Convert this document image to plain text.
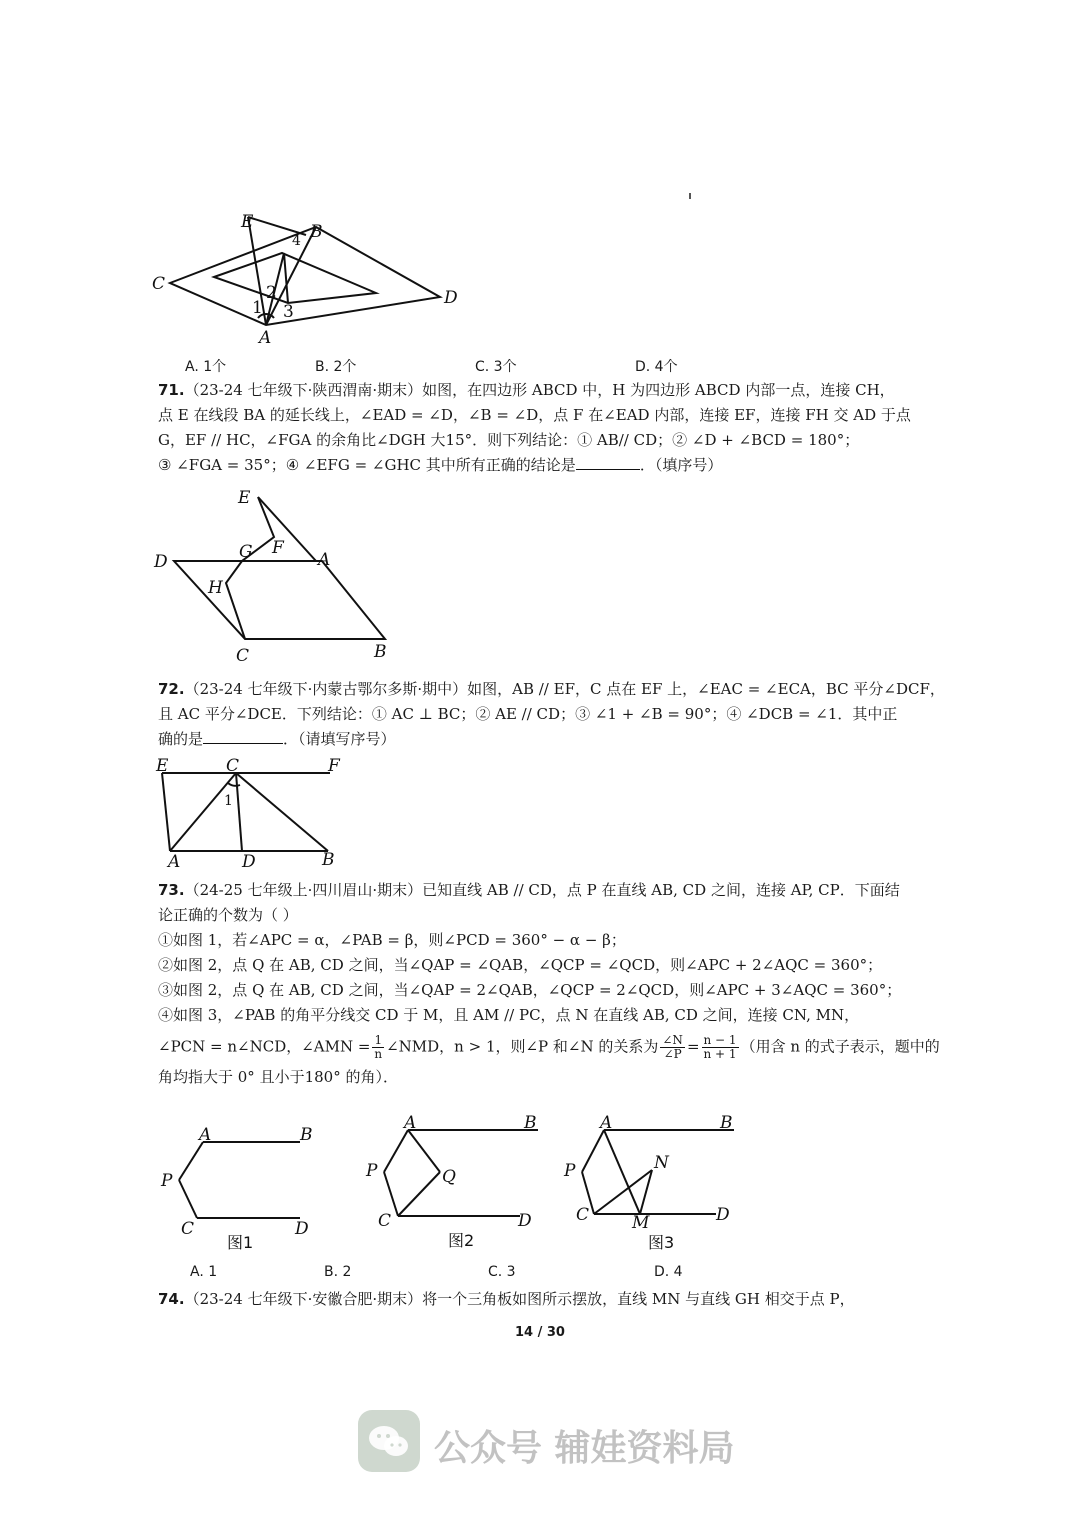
E	B
4
C
D
2
1 3
A
A. 1个	B. 2个	C. 3个	D. 4个

71.（23-24 七年级下·陕西渭南·期末）如图，在四边形 ABCD 中，H 为四边形 ABCD 内部一点，连接 CH，

点 E 在线段 BA 的延长线上，∠EAD = ∠D，∠B = ∠D，点 F 在∠EAD 内部，连接 EF，连接 FH 交 AD 于点

G，EF // HC，∠FGA 的余角比∠DGH 大15°．则下列结论：① AB// CD；② ∠D + ∠BCD = 180°；

③ ∠FGA = 35°；④ ∠EFG = ∠GHC 其中所有正确的结论是	．（填序号）

E
D	G F
A
H
C	B

72.（23-24 七年级下·内蒙古鄂尔多斯·期中）如图，AB // EF，C 点在 EF 上，∠EAC = ∠ECA，BC 平分∠DCF，

且 AC 平分∠DCE．下列结论：① AC ⊥ BC；② AE // CD；③ ∠1 + ∠B = 90°；④ ∠DCB = ∠1．其中正

确的是	．（请填写序号）

E	C	F
1
A	D	B

73.（24-25 七年级上·四川眉山·期末）已知直线 AB // CD，点 P 在直线 AB, CD 之间，连接 AP, CP．下面结

论正确的个数为（ ）

①如图 1，若∠APC = α，∠PAB = β，则∠PCD = 360° − α − β；

②如图 2，点 Q 在 AB, CD 之间，当∠QAP = ∠QAB，∠QCP = ∠QCD，则∠APC + 2∠AQC = 360°；

③如图 2，点 Q 在 AB, CD 之间，当∠QAP = 2∠QAB，∠QCP = 2∠QCD，则∠APC + 3∠AQC = 360°；

④如图 3，∠PAB 的角平分线交 CD 于 M，且 AM // PC，点 N 在直线 AB, CD 之间，连接 CN, MN，

∠PCN = n∠NCD，∠AMN = $\frac{1}{n}$ ∠NMD，n > 1，则∠P 和∠N 的关系为 $\frac{\angle N}{\angle P} = \frac{n - 1}{n + 1}$ （用含 n 的式子表示，题中的

角均指大于 0° 且小于180° 的角）．

A	B
P
C	D
图1
A	B
P	Q
C	D
图2
A	B
P	N
C	M	D
图3
A. 1	B. 2	C. 3	D. 4

74.（23-24 七年级下·安徽合肥·期末）将一个三角板如图所示摆放，直线 MN 与直线 GH 相交于点 P，

14 / 30
公众号 辅娃资料局
